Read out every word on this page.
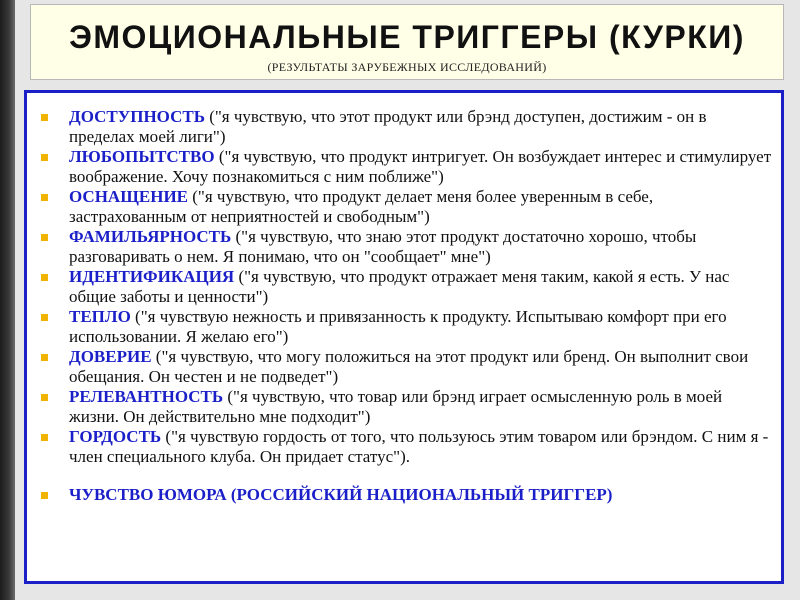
ЭМОЦИОНАЛЬНЫЕ ТРИГГЕРЫ (КУРКИ)
(РЕЗУЛЬТАТЫ ЗАРУБЕЖНЫХ ИССЛЕДОВАНИЙ)
ДОСТУПНОСТЬ ("я чувствую, что этот продукт или брэнд доступен, достижим - он в пределах моей лиги")
ЛЮБОПЫТСТВО ("я чувствую, что продукт интригует. Он возбуждает интерес и стимулирует воображение. Хочу познакомиться с ним поближе")
ОСНАЩЕНИЕ ("я чувствую, что продукт делает меня более уверенным в себе, застрахованным от неприятностей и свободным")
ФАМИЛЬЯРНОСТЬ ("я чувствую, что знаю этот продукт достаточно хорошо, чтобы разговаривать о нем. Я понимаю, что он "сообщает" мне")
ИДЕНТИФИКАЦИЯ ("я чувствую, что продукт отражает меня таким, какой я есть. У нас общие заботы и ценности")
ТЕПЛО ("я чувствую нежность и привязанность к продукту. Испытываю комфорт при его использовании. Я желаю его")
ДОВЕРИЕ ("я чувствую, что могу положиться на этот продукт или бренд. Он выполнит свои обещания. Он честен и не подведет")
РЕЛЕВАНТНОСТЬ ("я чувствую, что товар или брэнд играет осмысленную роль в моей жизни. Он действительно мне подходит")
ГОРДОСТЬ ("я чувствую гордость от того, что пользуюсь этим товаром или брэндом. С ним я - член специального клуба. Он придает статус").
ЧУВСТВО ЮМОРА (РОССИЙСКИЙ НАЦИОНАЛЬНЫЙ ТРИГГЕР)
